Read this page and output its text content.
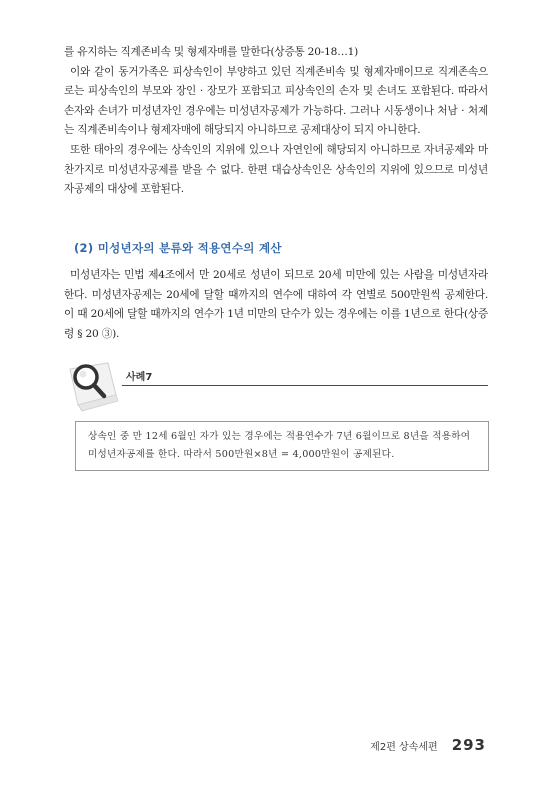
를 유지하는 직계존비속 및 형제자매를 말한다(상증통 20-18…1)

이와 같이 동거가족은 피상속인이 부양하고 있던 직계존비속 및 형제자매이므로 직계존속으로는 피상속인의 부모와 장인 · 장모가 포함되고 피상속인의 손자 및 손녀도 포함된다. 따라서 손자와 손녀가 미성년자인 경우에는 미성년자공제가 가능하다. 그러나 시동생이나 처남 · 처제는 직계존비속이나 형제자매에 해당되지 아니하므로 공제대상이 되지 아니한다.

또한 태아의 경우에는 상속인의 지위에 있으나 자연인에 해당되지 아니하므로 자녀공제와 마찬가지로 미성년자공제를 받을 수 없다. 한편 대습상속인은 상속인의 지위에 있으므로 미성년자공제의 대상에 포함된다.

(2) 미성년자의 분류와 적용연수의 계산

미성년자는 민법 제4조에서 만 20세로 성년이 되므로 20세 미만에 있는 사람을 미성년자라 한다. 미성년자공제는 20세에 달할 때까지의 연수에 대하여 각 연별로 500만원씩 공제한다. 이 때 20세에 달할 때까지의 연수가 1년 미만의 단수가 있는 경우에는 이를 1년으로 한다(상증령 § 20 ③).

사례7
상속인 중 만 12세 6월인 자가 있는 경우에는 적용연수가 7년 6월이므로 8년을 적용하여 미성년자공제를 한다. 따라서 500만원×8년 = 4,000만원이 공제된다.
제2편 상속세편 293
